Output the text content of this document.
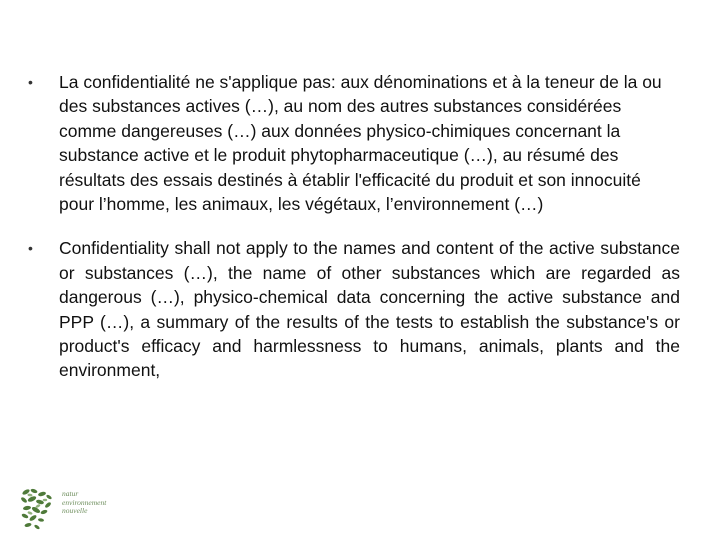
• La confidentialité ne s'applique pas: aux dénominations et à la teneur de la ou des substances actives (…), au nom des autres substances considérées comme dangereuses (…) aux données physico-chimiques concernant la substance active et le produit phytopharmaceutique (…), au résumé des résultats des essais destinés à établir l'efficacité du produit et son innocuité pour l’homme, les animaux, les végétaux, l’environnement (…)
• Confidentiality shall not apply to the names and content of the active substance or substances (…), the name of other substances which are regarded as dangerous (…), physico-chemical data concerning the active substance and PPP (…), a summary of the results of the tests to establish the substance's or product's efficacy and harmlessness to humans, animals, plants and the environment,
natur
environnement
nouvelle
